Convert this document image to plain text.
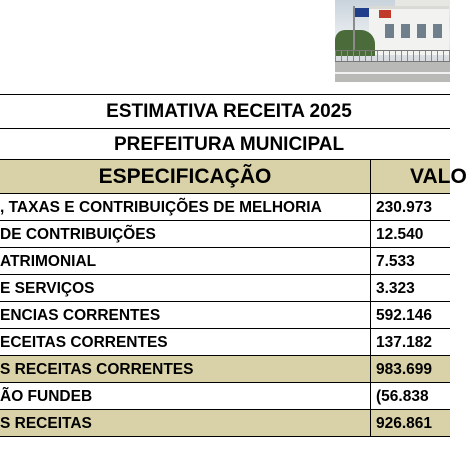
ESTIMATIVA RECEITA 2025
PREFEITURA MUNICIPAL
ESPECIFICAÇÃO	VALO
, TAXAS E CONTRIBUIÇÕES DE MELHORIA	230.973
DE CONTRIBUIÇÕES	12.540
ATRIMONIAL	7.533
E SERVIÇOS	3.323
ENCIAS CORRENTES	592.146
ECEITAS CORRENTES	137.182
S RECEITAS CORRENTES	983.699
ÃO FUNDEB	(56.838
S RECEITAS	926.861
